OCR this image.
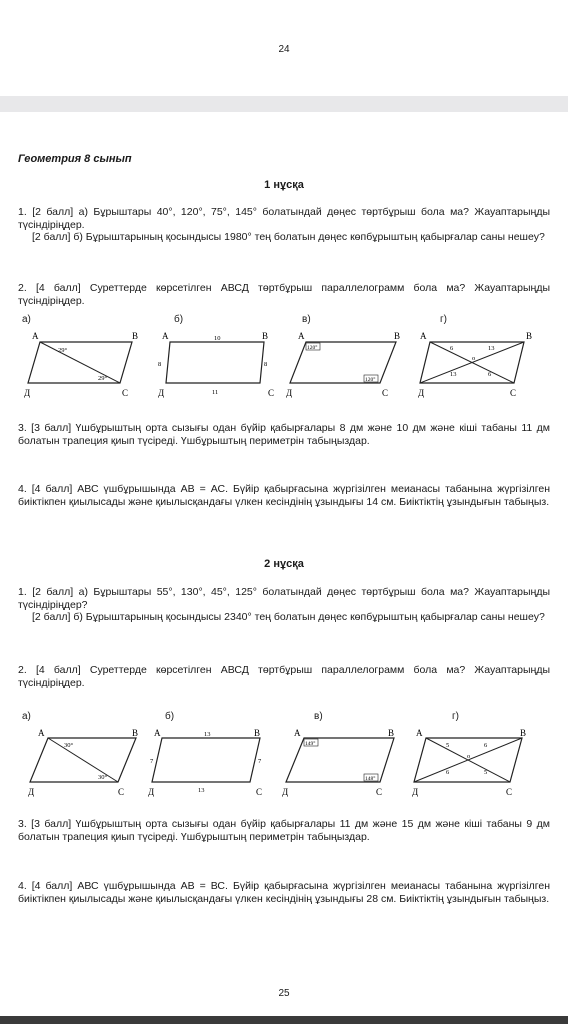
24
Геометрия 8 сынып
1 нұсқа

1. [2 балл] а) Бұрыштары 40°, 120°, 75°, 145° болатындай дөңес төртбұрыш бола ма? Жауаптарыңды түсіндіріңдер.

[2 балл] б) Бұрыштарының қосындысы 1980° тең болатын дөңес көпбұрыштың қабырғалар саны нешеу?

2. [4 балл] Суреттерде көрсетілген АВСД төртбұрыш параллелограмм бола ма? Жауаптарыңды түсіндіріңдер.

а)	б)	в)	г)
A	B
C
Д
29°
29°
A	B
C
Д
10
8	8
11
A	B
C
Д
120°
120°
A	B
C
Д
o
6	13
13	6

3. [3 балл] Үшбұрыштың орта сызығы одан бүйір қабырғалары 8 дм және 10 дм және кіші табаны 11 дм болатын трапеция қиып түсіреді. Үшбұрыштың периметрін табыңыздар.

4. [4 балл] АВС үшбұрышында АВ = АС. Бүйір қабырғасына жүргізілген меианасы табанына жүргізілген биіктікпен қиылысады және қиылысқандағы үлкен кесіндінің ұзындығы 14 см. Биіктіктің ұзындығын табыңыз.

2 нұсқа

1. [2 балл] а) Бұрыштары 55°, 130°, 45°, 125° болатындай дөңес төртбұрыш бола ма? Жауаптарыңды түсіндіріңдер?

[2 балл] б) Бұрыштарының қосындысы 2340° тең болатын дөңес көпбұрыштың қабырғалар саны нешеу?

2. [4 балл] Суреттерде көрсетілген АВСД төртбұрыш параллелограмм бола ма? Жауаптарыңды түсіндіріңдер.

а)	б)	в)	г)
A	B
C
Д
30°
30°
A	B
C
Д
13
7	7
13
A	B
C
Д
149°
148°
A	B
C
Д
o
5	6
6	5

3. [3 балл] Үшбұрыштың орта сызығы одан бүйір қабырғалары 11 дм және 15 дм және кіші табаны 9 дм болатын трапеция қиып түсіреді. Үшбұрыштың периметрін табыңыздар.

4. [4 балл] АВС үшбұрышында АВ = ВС. Бүйір қабырғасына жүргізілген меианасы табанына жүргізілген биіктікпен қиылысады және қиылысқандағы үлкен кесіндінің ұзындығы 28 см. Биіктіктің ұзындығын табыңыз.

25
